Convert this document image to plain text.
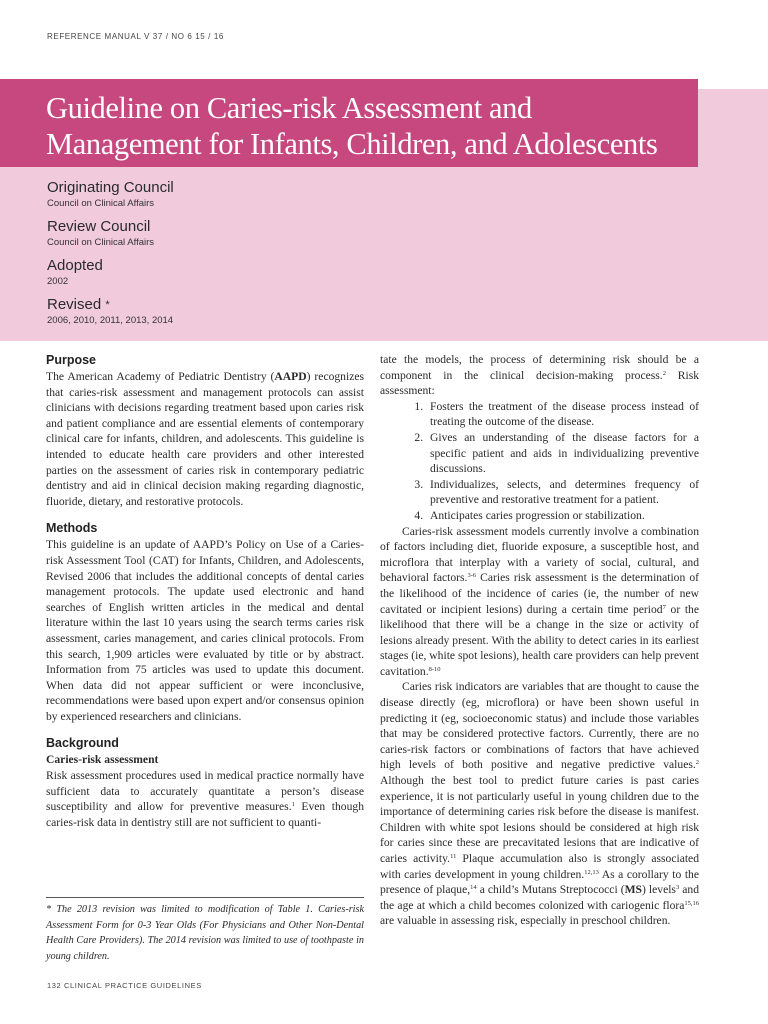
REFERENCE MANUAL V 37 / NO 6 15 / 16
Guideline on Caries-risk Assessment and
Management for Infants, Children, and Adolescents
Originating Council
Council on Clinical Affairs
Review Council
Council on Clinical Affairs
Adopted
2002
Revised *
2006, 2010, 2011, 2013, 2014
Purpose

The American Academy of Pediatric Dentistry (AAPD) recognizes that caries-risk assessment and management protocols can assist clinicians with decisions regarding treatment based upon caries risk and patient compliance and are essential elements of contemporary clinical care for infants, children, and adolescents. This guideline is intended to educate health care providers and other interested parties on the assessment of caries risk in contemporary pediatric dentistry and aid in clinical decision making regarding diagnostic, fluoride, dietary, and restorative protocols.

Methods

This guideline is an update of AAPD’s Policy on Use of a Caries-risk Assessment Tool (CAT) for Infants, Children, and Adolescents, Revised 2006 that includes the additional concepts of dental caries management protocols. The update used electronic and hand searches of English written articles in the medical and dental literature within the last 10 years using the search terms caries risk assessment, caries management, and caries clinical protocols. From this search, 1,909 articles were evaluated by title or by abstract. Information from 75 articles was used to update this document. When data did not appear sufficient or were inconclusive, recommendations were based upon expert and/or consensus opinion by experienced researchers and clinicians.

Background
Caries-risk assessment

Risk assessment procedures used in medical practice normally have sufficient data to accurately quantitate a person’s disease susceptibility and allow for preventive measures.$^1$ Even though caries-risk data in dentistry still are not sufficient to quanti-

* The 2013 revision was limited to modification of Table 1. Caries-risk Assessment Form for 0-3 Year Olds (For Physicians and Other Non-Dental Health Care Providers). The 2014 revision was limited to use of toothpaste in young children.

tate the models, the process of determining risk should be a component in the clinical decision-making process.$^2$ Risk assessment:

1. Fosters the treatment of the disease process instead of treating the outcome of the disease.
2. Gives an understanding of the disease factors for a specific patient and aids in individualizing preventive discussions.
3. Individualizes, selects, and determines frequency of preventive and restorative treatment for a patient.
4. Anticipates caries progression or stabilization.

Caries-risk assessment models currently involve a combination of factors including diet, fluoride exposure, a susceptible host, and microflora that interplay with a variety of social, cultural, and behavioral factors.$^{3-6}$ Caries risk assessment is the determination of the likelihood of the incidence of caries (ie, the number of new cavitated or incipient lesions) during a certain time period$^7$ or the likelihood that there will be a change in the size or activity of lesions already present. With the ability to detect caries in its earliest stages (ie, white spot lesions), health care providers can help prevent cavitation.$^{8-10}$

Caries risk indicators are variables that are thought to cause the disease directly (eg, microflora) or have been shown useful in predicting it (eg, socioeconomic status) and include those variables that may be considered protective factors. Currently, there are no caries-risk factors or combinations of factors that have achieved high levels of both positive and negative predictive values.$^2$ Although the best tool to predict future caries is past caries experience, it is not particularly useful in young children due to the importance of determining caries risk before the disease is manifest. Children with white spot lesions should be considered at high risk for caries since these are precavitated lesions that are indicative of caries activity.$^{11}$ Plaque accumulation also is strongly associated with caries development in young children.$^{12,13}$ As a corollary to the presence of plaque,$^{14}$ a child’s Mutans Streptococci (MS) levels$^3$ and the age at which a child becomes colonized with cariogenic flora$^{15,16}$ are valuable in assessing risk, especially in preschool children.

132 CLINICAL PRACTICE GUIDELINES
